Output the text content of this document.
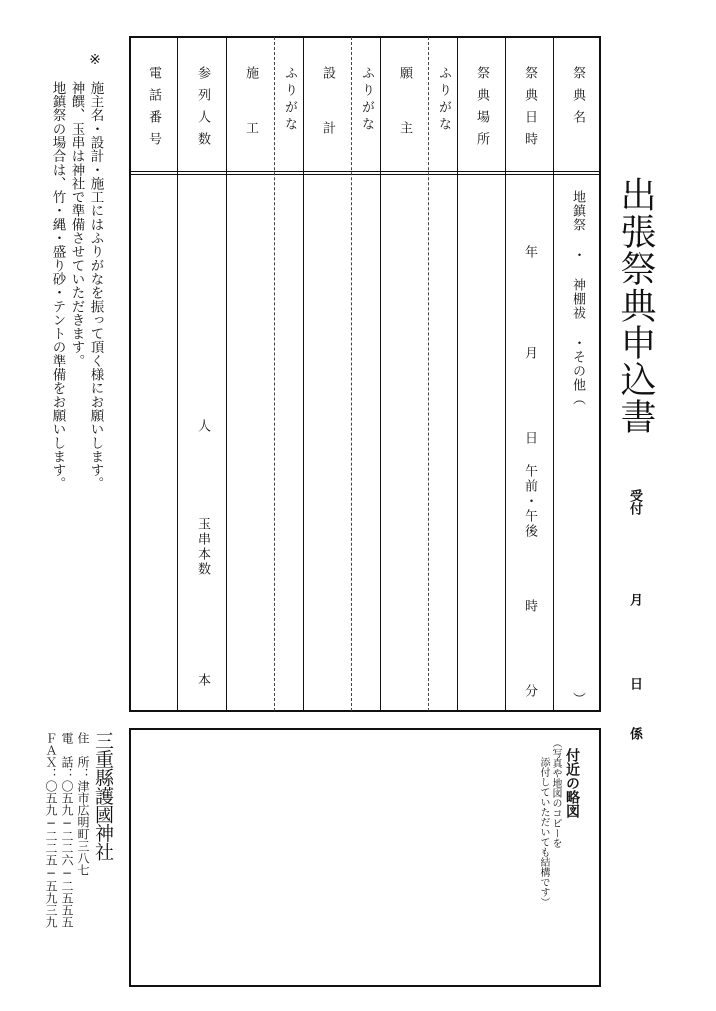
出張祭典申込書
受付
月
日
係
祭典名
祭典日時
祭典場所
ふりがな
願主
ふりがな
設計
ふりがな
施工
参列人数
電話番号
地鎮祭 ・ 神棚祓 ・その他（
）
年
月
日
午前・午後
時
分
人
玉串本数
本
※
施主名・設計・施工にはふりがなを振って頂く様にお願いします。
神饌、玉串は神社で準備させていただきます。
地鎮祭の場合は、竹・縄・盛り砂・テントの準備をお願いします。
付近の略図
（写真や地図のコピーを
添付していただいても結構です）
三重縣護國神社
住　所：津市広明町三八七
電　話：〇五九−二二六−二五五五
ＦＡＸ：〇五九−二二五−五九三九
